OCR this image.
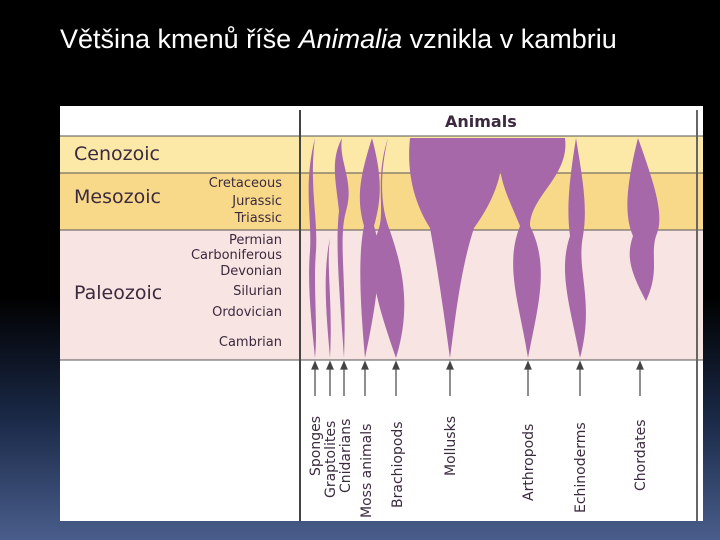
Většina kmenů říše Animalia vznikla v kambriu
Animals
Cenozoic
Mesozoic
Paleozoic
Cretaceous
Jurassic
Triassic
Permian
Carboniferous
Devonian
Silurian
Ordovician
Cambrian
Sponges Graptolites Cnidarians Moss animals Brachiopods	Mollusks	Arthropods	Echinoderms	Chordates
